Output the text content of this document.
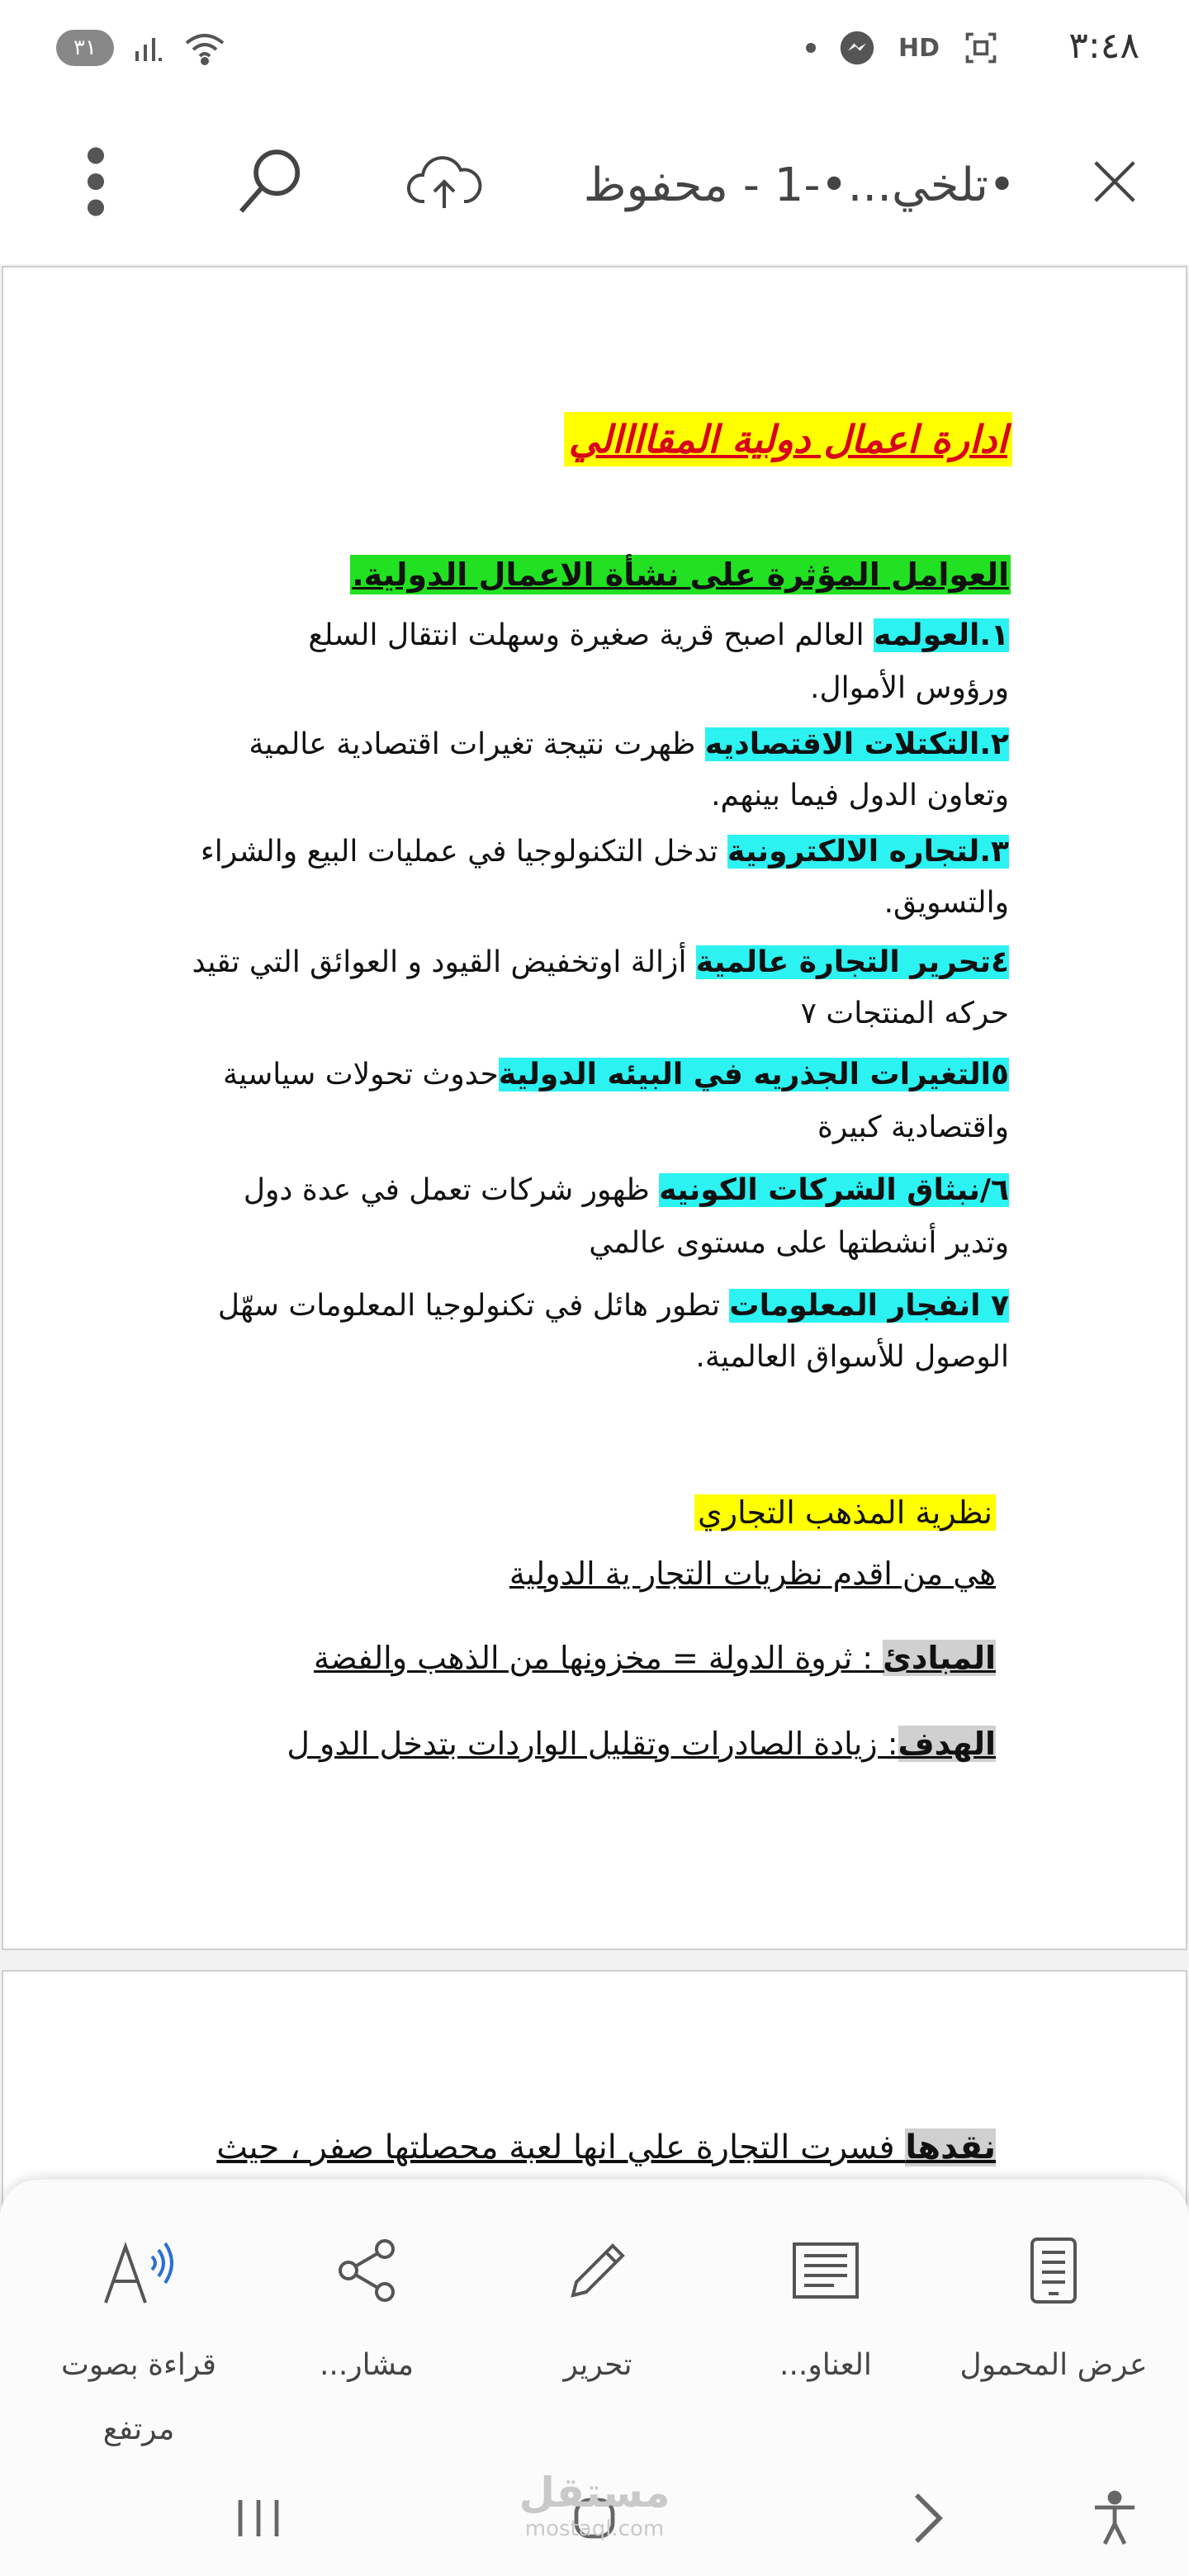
٣:٤٨
HD
٣١
•تلخي...•-1 - محفوظ
ادارة اعمال دولية المقاااالي
العوامل المؤثرة على نشأة الاعمال الدولية.
١.العولمه العالم اصبح قرية صغيرة وسهلت انتقال السلع
ورؤوس الأموال.
٢.التكتلات الاقتصاديه ظهرت نتيجة تغيرات اقتصادية عالمية
وتعاون الدول فيما بينهم.
٣.لتجاره الالكترونية تدخل التكنولوجيا في عمليات البيع والشراء
والتسويق.
٤تحرير التجارة عالمية أزالة اوتخفيض القيود و العوائق التي تقيد
حركه المنتجات ٧
٥التغيرات الجذريه في البيئه الدوليةحدوث تحولات سياسية
واقتصادية كبيرة
٦/نبثاق الشركات الكونيه ظهور شركات تعمل في عدة دول
وتدير أنشطتها على مستوى عالمي
٧ انفجار المعلومات تطور هائل في تكنولوجيا المعلومات سهّل
الوصول للأسواق العالمية.
نظرية المذهب التجاري
هي من اقدم نظريات التجار ية الدولية
المبادئ : ثروة الدولة = مخزونها من الذهب والفضة
الهدف: زيادة الصادرات وتقليل الواردات بتدخل الدو ل
نقدها فسرت التجارة علي انها لعبة محصلتها صفر ، حيث
عرض المحمول
العناو...
تحرير
مشار...
قراءة بصوت مرتفع
مستقل
mostaql.com
